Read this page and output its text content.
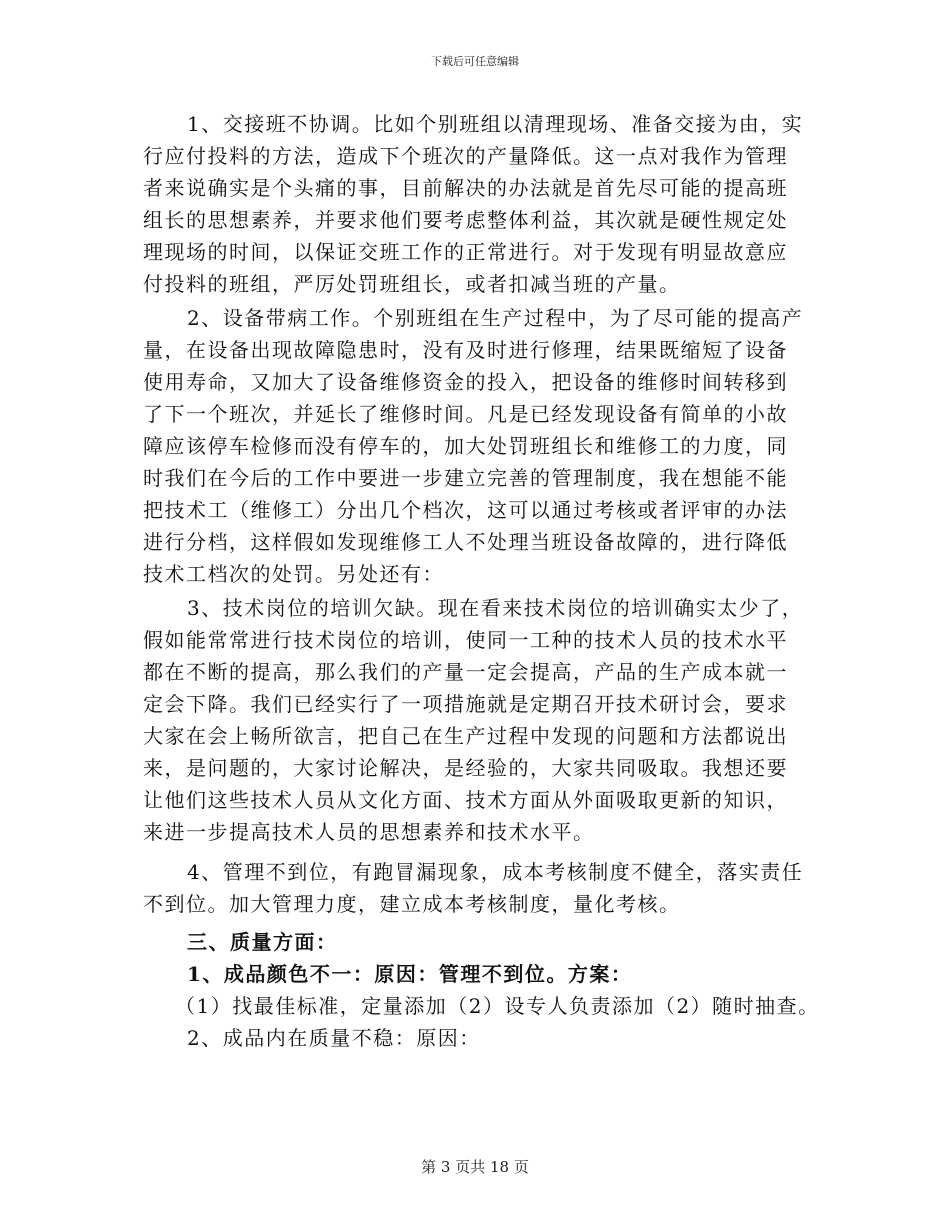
下载后可任意编辑
1、交接班不协调。比如个别班组以清理现场、准备交接为由，实
行应付投料的方法，造成下个班次的产量降低。这一点对我作为管理
者来说确实是个头痛的事，目前解决的办法就是首先尽可能的提高班
组长的思想素养，并要求他们要考虑整体利益，其次就是硬性规定处
理现场的时间，以保证交班工作的正常进行。对于发现有明显故意应
付投料的班组，严厉处罚班组长，或者扣减当班的产量。
2、设备带病工作。个别班组在生产过程中，为了尽可能的提高产
量，在设备出现故障隐患时，没有及时进行修理，结果既缩短了设备
使用寿命，又加大了设备维修资金的投入，把设备的维修时间转移到
了下一个班次，并延长了维修时间。凡是已经发现设备有简单的小故
障应该停车检修而没有停车的，加大处罚班组长和维修工的力度，同
时我们在今后的工作中要进一步建立完善的管理制度，我在想能不能
把技术工（维修工）分出几个档次，这可以通过考核或者评审的办法
进行分档，这样假如发现维修工人不处理当班设备故障的，进行降低
技术工档次的处罚。另处还有：
3、技术岗位的培训欠缺。现在看来技术岗位的培训确实太少了，
假如能常常进行技术岗位的培训，使同一工种的技术人员的技术水平
都在不断的提高，那么我们的产量一定会提高，产品的生产成本就一
定会下降。我们已经实行了一项措施就是定期召开技术研讨会，要求
大家在会上畅所欲言，把自己在生产过程中发现的问题和方法都说出
来，是问题的，大家讨论解决，是经验的，大家共同吸取。我想还要
让他们这些技术人员从文化方面、技术方面从外面吸取更新的知识，
来进一步提高技术人员的思想素养和技术水平。
4、管理不到位，有跑冒漏现象，成本考核制度不健全，落实责任
不到位。加大管理力度，建立成本考核制度，量化考核。
三、质量方面：
1、成品颜色不一：原因：管理不到位。方案：
（1）找最佳标准，定量添加（2）设专人负责添加（2）随时抽查。
2、成品内在质量不稳：原因：
第 3 页共 18 页
